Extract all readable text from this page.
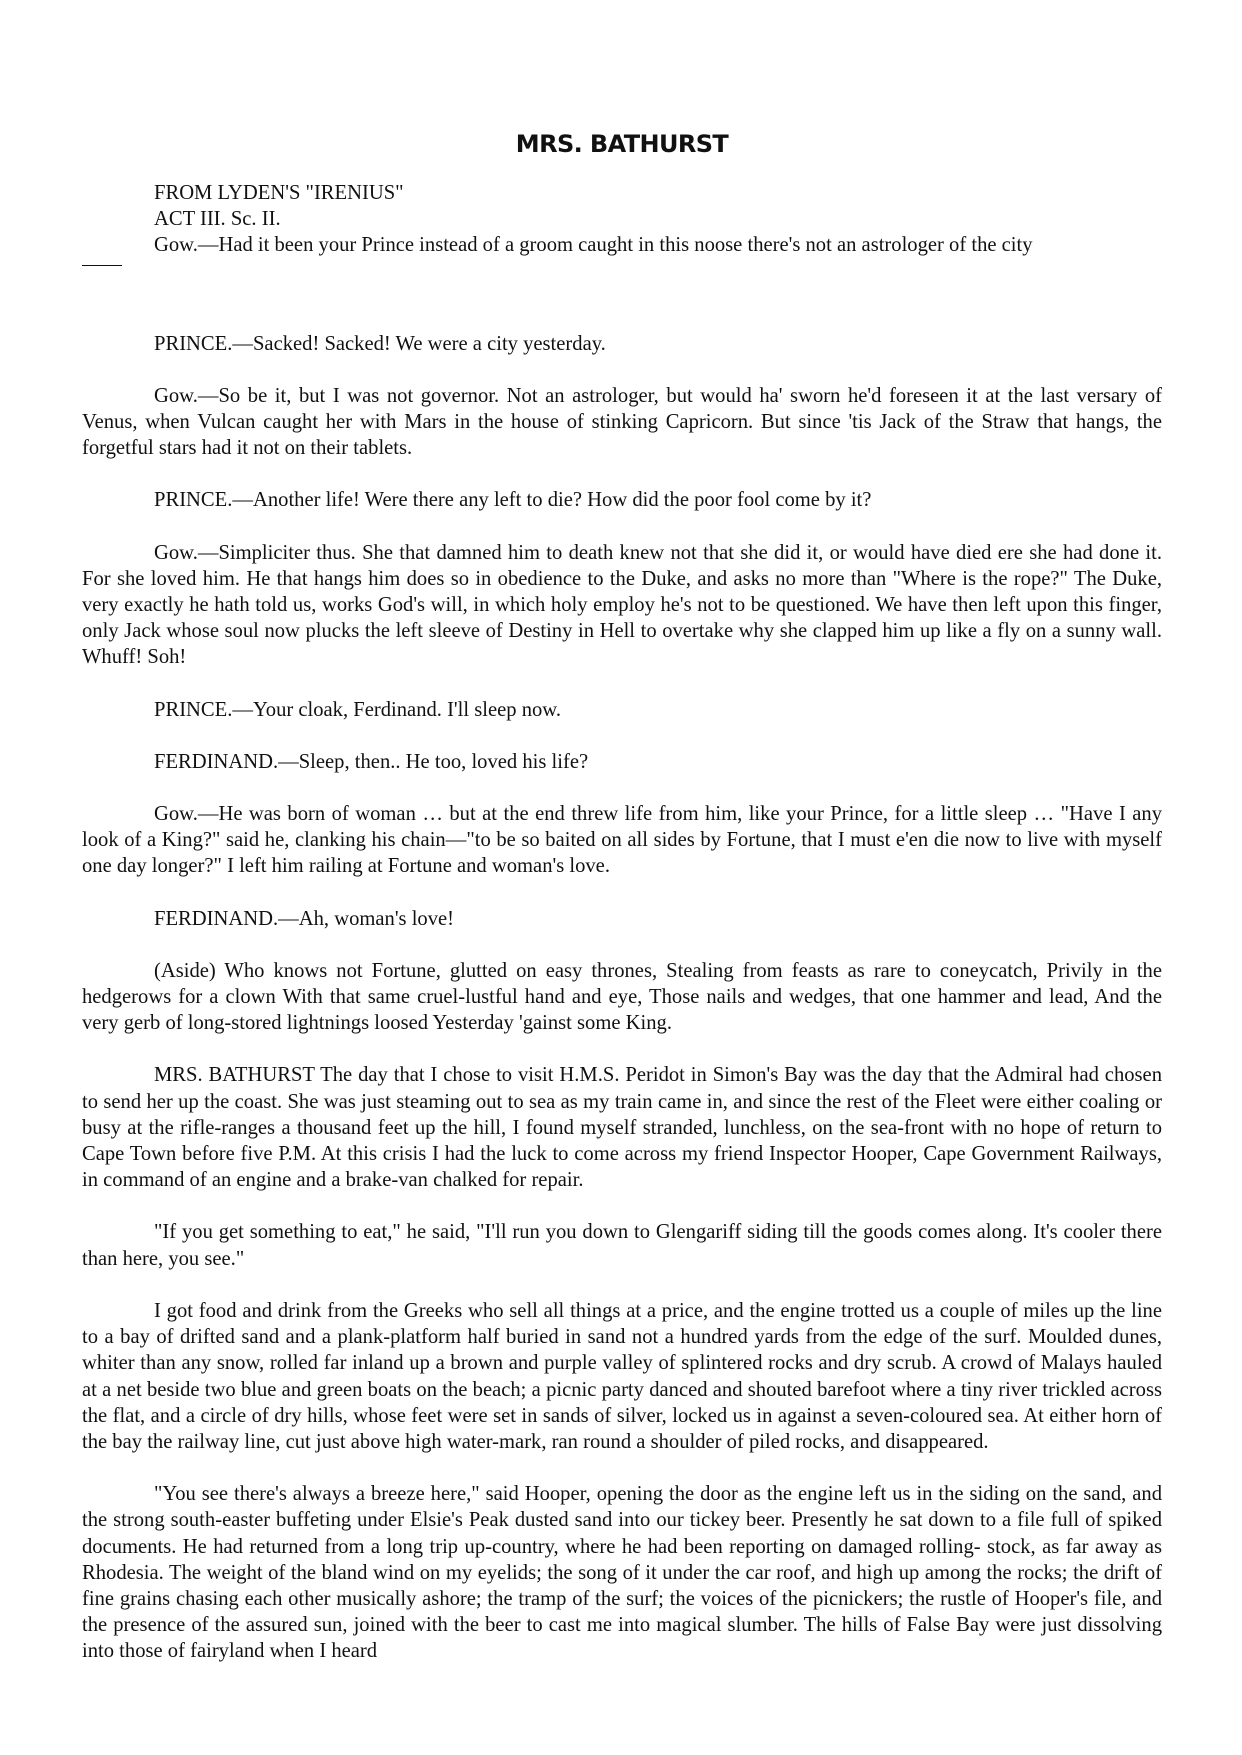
MRS. BATHURST
FROM LYDEN'S "IRENIUS"
ACT III. Sc. II.
Gow.—Had it been your Prince instead of a groom caught in this noose there's not an astrologer of the city
PRINCE.—Sacked! Sacked! We were a city yesterday.
Gow.—So be it, but I was not governor. Not an astrologer, but would ha' sworn he'd foreseen it at the last versary of Venus, when Vulcan caught her with Mars in the house of stinking Capricorn. But since 'tis Jack of the Straw that hangs, the forgetful stars had it not on their tablets.
PRINCE.—Another life! Were there any left to die? How did the poor fool come by it?
Gow.—Simpliciter thus. She that damned him to death knew not that she did it, or would have died ere she had done it. For she loved him. He that hangs him does so in obedience to the Duke, and asks no more than "Where is the rope?" The Duke, very exactly he hath told us, works God's will, in which holy employ he's not to be questioned. We have then left upon this finger, only Jack whose soul now plucks the left sleeve of Destiny in Hell to overtake why she clapped him up like a fly on a sunny wall. Whuff! Soh!
PRINCE.—Your cloak, Ferdinand. I'll sleep now.
FERDINAND.—Sleep, then.. He too, loved his life?
Gow.—He was born of woman … but at the end threw life from him, like your Prince, for a little sleep … "Have I any look of a King?" said he, clanking his chain—"to be so baited on all sides by Fortune, that I must e'en die now to live with myself one day longer?" I left him railing at Fortune and woman's love.
FERDINAND.—Ah, woman's love!
(Aside) Who knows not Fortune, glutted on easy thrones, Stealing from feasts as rare to coneycatch, Privily in the hedgerows for a clown With that same cruel-lustful hand and eye, Those nails and wedges, that one hammer and lead, And the very gerb of long-stored lightnings loosed Yesterday 'gainst some King.
MRS. BATHURST The day that I chose to visit H.M.S. Peridot in Simon's Bay was the day that the Admiral had chosen to send her up the coast. She was just steaming out to sea as my train came in, and since the rest of the Fleet were either coaling or busy at the rifle-ranges a thousand feet up the hill, I found myself stranded, lunchless, on the sea-front with no hope of return to Cape Town before five P.M. At this crisis I had the luck to come across my friend Inspector Hooper, Cape Government Railways, in command of an engine and a brake-van chalked for repair.
"If you get something to eat," he said, "I'll run you down to Glengariff siding till the goods comes along. It's cooler there than here, you see."
I got food and drink from the Greeks who sell all things at a price, and the engine trotted us a couple of miles up the line to a bay of drifted sand and a plank-platform half buried in sand not a hundred yards from the edge of the surf. Moulded dunes, whiter than any snow, rolled far inland up a brown and purple valley of splintered rocks and dry scrub. A crowd of Malays hauled at a net beside two blue and green boats on the beach; a picnic party danced and shouted barefoot where a tiny river trickled across the flat, and a circle of dry hills, whose feet were set in sands of silver, locked us in against a seven-coloured sea. At either horn of the bay the railway line, cut just above high water-mark, ran round a shoulder of piled rocks, and disappeared.
"You see there's always a breeze here," said Hooper, opening the door as the engine left us in the siding on the sand, and the strong south-easter buffeting under Elsie's Peak dusted sand into our tickey beer. Presently he sat down to a file full of spiked documents. He had returned from a long trip up-country, where he had been reporting on damaged rolling- stock, as far away as Rhodesia. The weight of the bland wind on my eyelids; the song of it under the car roof, and high up among the rocks; the drift of fine grains chasing each other musically ashore; the tramp of the surf; the voices of the picnickers; the rustle of Hooper's file, and the presence of the assured sun, joined with the beer to cast me into magical slumber. The hills of False Bay were just dissolving into those of fairyland when I heard
